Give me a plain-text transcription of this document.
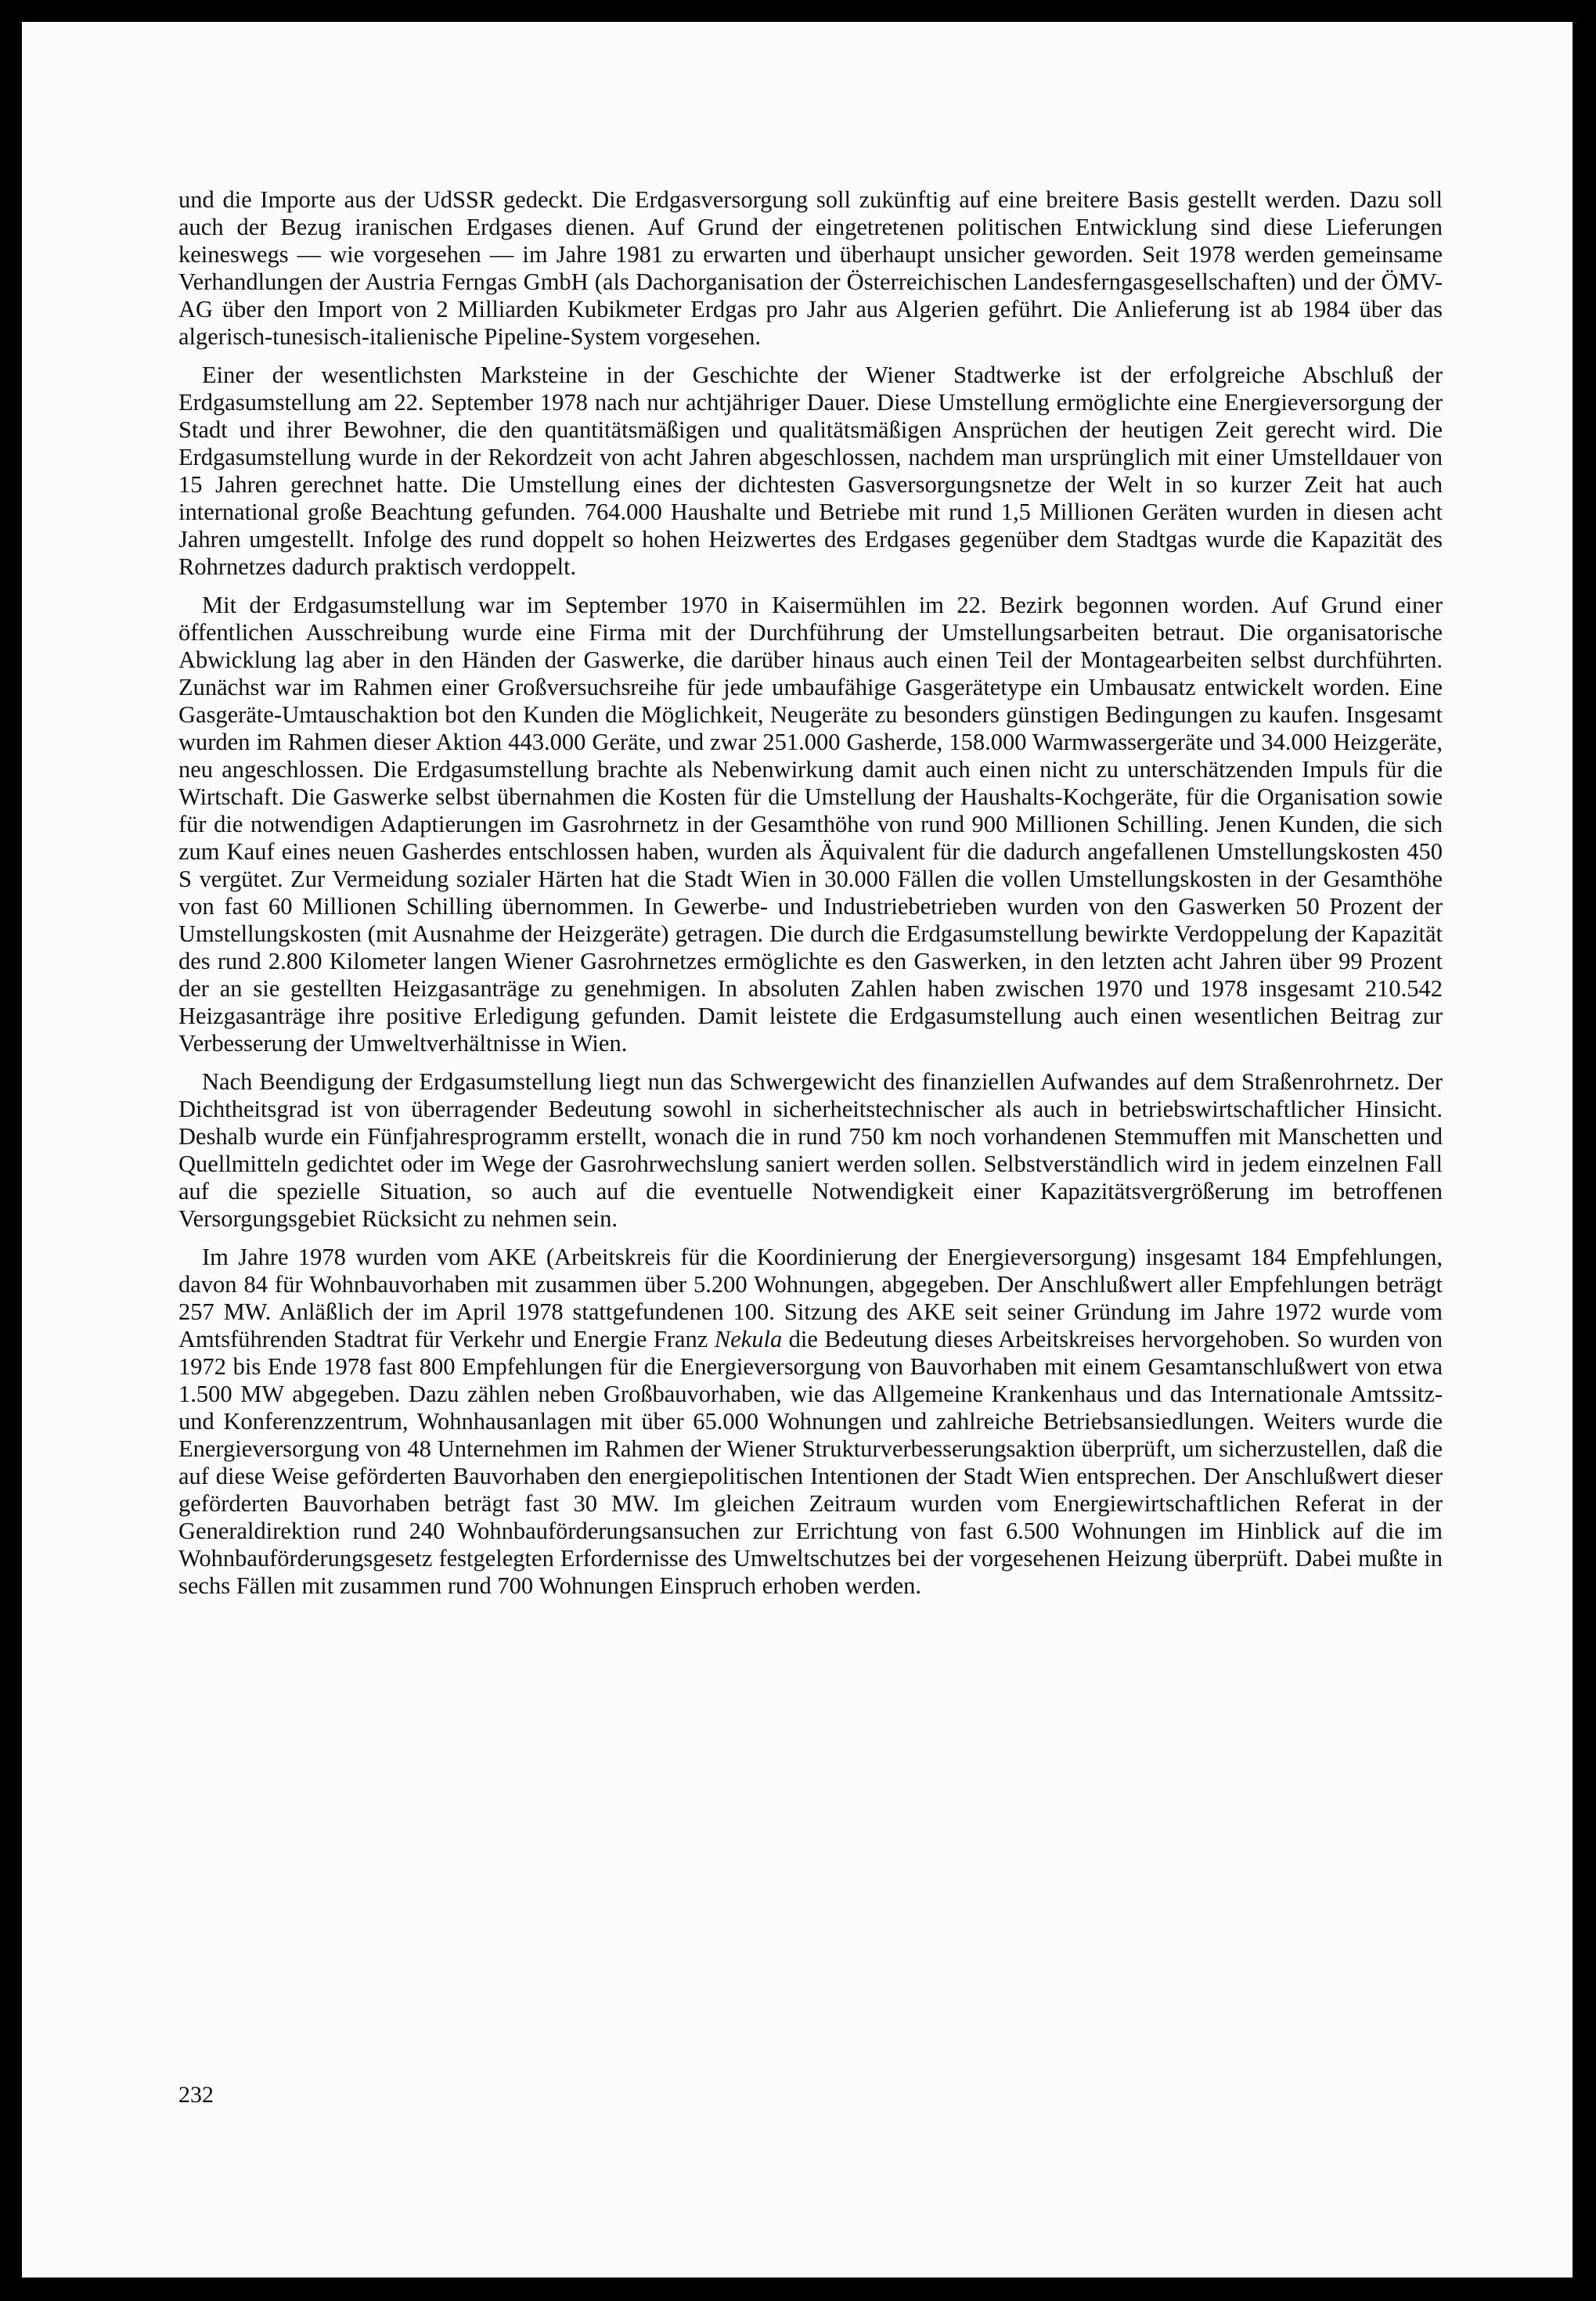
und die Importe aus der UdSSR gedeckt. Die Erdgasversorgung soll zukünftig auf eine breitere Basis gestellt werden. Dazu soll auch der Bezug iranischen Erdgases dienen. Auf Grund der eingetretenen politischen Entwicklung sind diese Lieferungen keineswegs — wie vorgesehen — im Jahre 1981 zu erwarten und überhaupt unsicher geworden. Seit 1978 werden gemeinsame Verhandlungen der Austria Ferngas GmbH (als Dachorganisation der Österreichischen Landesferngasgesellschaften) und der ÖMV-AG über den Import von 2 Milliarden Kubikmeter Erdgas pro Jahr aus Algerien geführt. Die Anlieferung ist ab 1984 über das algerisch-tunesisch-italienische Pipeline-System vorgesehen.

Einer der wesentlichsten Marksteine in der Geschichte der Wiener Stadtwerke ist der erfolgreiche Abschluß der Erdgasumstellung am 22. September 1978 nach nur achtjähriger Dauer. Diese Umstellung ermöglichte eine Energieversorgung der Stadt und ihrer Bewohner, die den quantitätsmäßigen und qualitätsmäßigen Ansprüchen der heutigen Zeit gerecht wird. Die Erdgasumstellung wurde in der Rekordzeit von acht Jahren abgeschlossen, nachdem man ursprünglich mit einer Umstelldauer von 15 Jahren gerechnet hatte. Die Umstellung eines der dichtesten Gasversorgungsnetze der Welt in so kurzer Zeit hat auch international große Beachtung gefunden. 764.000 Haushalte und Betriebe mit rund 1,5 Millionen Geräten wurden in diesen acht Jahren umgestellt. Infolge des rund doppelt so hohen Heizwertes des Erdgases gegenüber dem Stadtgas wurde die Kapazität des Rohrnetzes dadurch praktisch verdoppelt.

Mit der Erdgasumstellung war im September 1970 in Kaisermühlen im 22. Bezirk begonnen worden. Auf Grund einer öffentlichen Ausschreibung wurde eine Firma mit der Durchführung der Umstellungsarbeiten betraut. Die organisatorische Abwicklung lag aber in den Händen der Gaswerke, die darüber hinaus auch einen Teil der Montagearbeiten selbst durchführten. Zunächst war im Rahmen einer Großversuchsreihe für jede umbaufähige Gasgerätetype ein Umbausatz entwickelt worden. Eine Gasgeräte-Umtauschaktion bot den Kunden die Möglichkeit, Neugeräte zu besonders günstigen Bedingungen zu kaufen. Insgesamt wurden im Rahmen dieser Aktion 443.000 Geräte, und zwar 251.000 Gasherde, 158.000 Warmwassergeräte und 34.000 Heizgeräte, neu angeschlossen. Die Erdgasumstellung brachte als Nebenwirkung damit auch einen nicht zu unterschätzenden Impuls für die Wirtschaft. Die Gaswerke selbst übernahmen die Kosten für die Umstellung der Haushalts-Kochgeräte, für die Organisation sowie für die notwendigen Adaptierungen im Gasrohrnetz in der Gesamthöhe von rund 900 Millionen Schilling. Jenen Kunden, die sich zum Kauf eines neuen Gasherdes entschlossen haben, wurden als Äquivalent für die dadurch angefallenen Umstellungskosten 450 S vergütet. Zur Vermeidung sozialer Härten hat die Stadt Wien in 30.000 Fällen die vollen Umstellungskosten in der Gesamthöhe von fast 60 Millionen Schilling übernommen. In Gewerbe- und Industriebetrieben wurden von den Gaswerken 50 Prozent der Umstellungskosten (mit Ausnahme der Heizgeräte) getragen. Die durch die Erdgasumstellung bewirkte Verdoppelung der Kapazität des rund 2.800 Kilometer langen Wiener Gasrohrnetzes ermöglichte es den Gaswerken, in den letzten acht Jahren über 99 Prozent der an sie gestellten Heizgasanträge zu genehmigen. In absoluten Zahlen haben zwischen 1970 und 1978 insgesamt 210.542 Heizgasanträge ihre positive Erledigung gefunden. Damit leistete die Erdgasumstellung auch einen wesentlichen Beitrag zur Verbesserung der Umweltverhältnisse in Wien.

Nach Beendigung der Erdgasumstellung liegt nun das Schwergewicht des finanziellen Aufwandes auf dem Straßenrohrnetz. Der Dichtheitsgrad ist von überragender Bedeutung sowohl in sicherheitstechnischer als auch in betriebswirtschaftlicher Hinsicht. Deshalb wurde ein Fünfjahresprogramm erstellt, wonach die in rund 750 km noch vorhandenen Stemmuffen mit Manschetten und Quellmitteln gedichtet oder im Wege der Gasrohrwechslung saniert werden sollen. Selbstverständlich wird in jedem einzelnen Fall auf die spezielle Situation, so auch auf die eventuelle Notwendigkeit einer Kapazitätsvergrößerung im betroffenen Versorgungsgebiet Rücksicht zu nehmen sein.

Im Jahre 1978 wurden vom AKE (Arbeitskreis für die Koordinierung der Energieversorgung) insgesamt 184 Empfehlungen, davon 84 für Wohnbauvorhaben mit zusammen über 5.200 Wohnungen, abgegeben. Der Anschlußwert aller Empfehlungen beträgt 257 MW. Anläßlich der im April 1978 stattgefundenen 100. Sitzung des AKE seit seiner Gründung im Jahre 1972 wurde vom Amtsführenden Stadtrat für Verkehr und Energie Franz Nekula die Bedeutung dieses Arbeitskreises hervorgehoben. So wurden von 1972 bis Ende 1978 fast 800 Empfehlungen für die Energieversorgung von Bauvorhaben mit einem Gesamtanschlußwert von etwa 1.500 MW abgegeben. Dazu zählen neben Großbauvorhaben, wie das Allgemeine Krankenhaus und das Internationale Amtssitz- und Konferenzzentrum, Wohnhausanlagen mit über 65.000 Wohnungen und zahlreiche Betriebsansiedlungen. Weiters wurde die Energieversorgung von 48 Unternehmen im Rahmen der Wiener Strukturverbesserungsaktion überprüft, um sicherzustellen, daß die auf diese Weise geförderten Bauvorhaben den energiepolitischen Intentionen der Stadt Wien entsprechen. Der Anschlußwert dieser geförderten Bauvorhaben beträgt fast 30 MW. Im gleichen Zeitraum wurden vom Energiewirtschaftlichen Referat in der Generaldirektion rund 240 Wohnbauförderungsansuchen zur Errichtung von fast 6.500 Wohnungen im Hinblick auf die im Wohnbauförderungsgesetz festgelegten Erfordernisse des Umweltschutzes bei der vorgesehenen Heizung überprüft. Dabei mußte in sechs Fällen mit zusammen rund 700 Wohnungen Einspruch erhoben werden.

232
